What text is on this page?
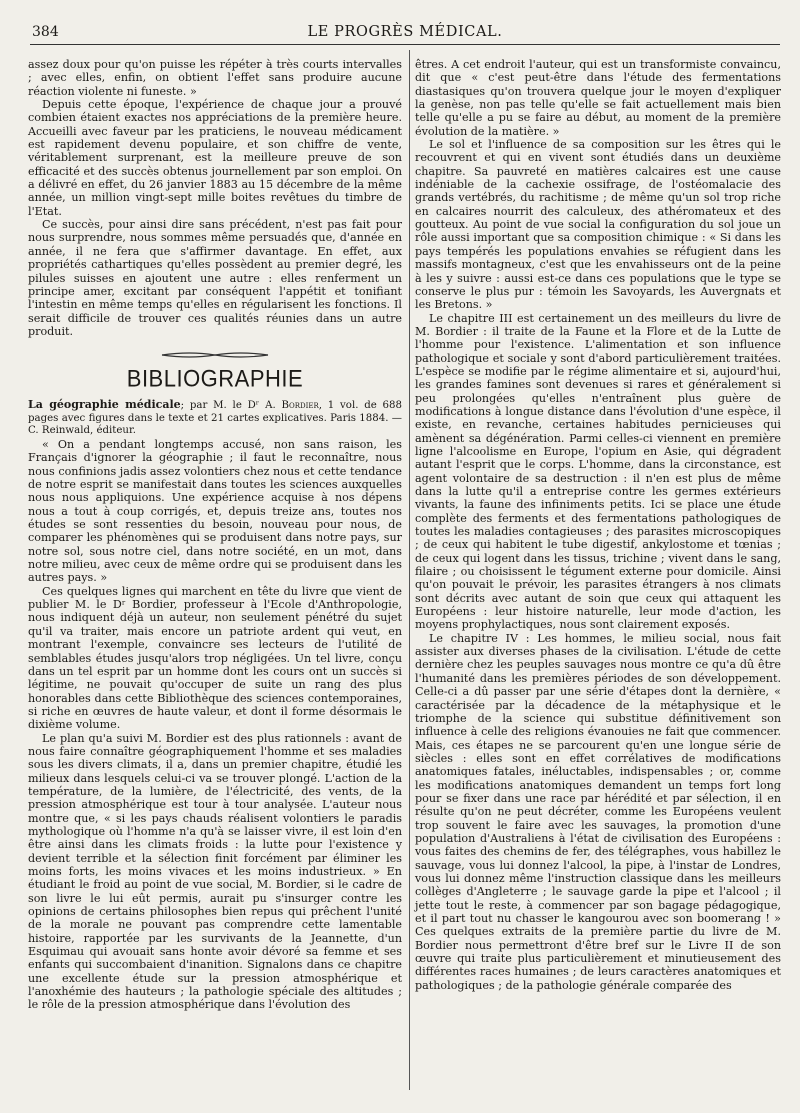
384	LE PROGRÈS MÉDICAL.

assez doux pour qu'on puisse les répéter à très courts intervalles ; avec elles, enfin, on obtient l'effet sans produire aucune réaction violente ni funeste. »

Depuis cette époque, l'expérience de chaque jour a prouvé combien étaient exactes nos appréciations de la première heure. Accueilli avec faveur par les praticiens, le nouveau médicament est rapidement devenu populaire, et son chiffre de vente, véritablement surprenant, est la meilleure preuve de son efficacité et des succès obtenus journellement par son emploi. On a délivré en effet, du 26 janvier 1883 au 15 décembre de la même année, un million vingt-sept mille boites revêtues du timbre de l'Etat.

Ce succès, pour ainsi dire sans précédent, n'est pas fait pour nous surprendre, nous sommes même persuadés que, d'année en année, il ne fera que s'affirmer davantage. En effet, aux propriétés cathartiques qu'elles possèdent au premier degré, les pilules suisses en ajoutent une autre : elles renferment un principe amer, excitant par conséquent l'appétit et tonifiant l'intestin en même temps qu'elles en régularisent les fonctions. Il serait difficile de trouver ces qualités réunies dans un autre produit.

BIBLIOGRAPHIE

La géographie médicale; par M. le Dʳ A. Bordier, 1 vol. de 688 pages avec figures dans le texte et 21 cartes explicatives. Paris 1884. — C. Reinwald, éditeur.

« On a pendant longtemps accusé, non sans raison, les Français d'ignorer la géographie ; il faut le reconnaître, nous nous confinions jadis assez volontiers chez nous et cette tendance de notre esprit se manifestait dans toutes les sciences auxquelles nous nous appliquions. Une expérience acquise à nos dépens nous a tout à coup corrigés, et, depuis treize ans, toutes nos études se sont ressenties du besoin, nouveau pour nous, de comparer les phénomènes qui se produisent dans notre pays, sur notre sol, sous notre ciel, dans notre société, en un mot, dans notre milieu, avec ceux de même ordre qui se produisent dans les autres pays. »

Ces quelques lignes qui marchent en tête du livre que vient de publier M. le Dʳ Bordier, professeur à l'Ecole d'Anthropologie, nous indiquent déjà un auteur, non seulement pénétré du sujet qu'il va traiter, mais encore un patriote ardent qui veut, en montrant l'exemple, convaincre ses lecteurs de l'utilité de semblables études jusqu'alors trop négligées. Un tel livre, conçu dans un tel esprit par un homme dont les cours ont un succès si légitime, ne pouvait qu'occuper de suite un rang des plus honorables dans cette Bibliothèque des sciences contemporaines, si riche en œuvres de haute valeur, et dont il forme désormais le dixième volume.

Le plan qu'a suivi M. Bordier est des plus rationnels : avant de nous faire connaître géographiquement l'homme et ses maladies sous les divers climats, il a, dans un premier chapitre, étudié les milieux dans lesquels celui-ci va se trouver plongé. L'action de la température, de la lumière, de l'électricité, des vents, de la pression atmosphérique est tour à tour analysée. L'auteur nous montre que, « si les pays chauds réalisent volontiers le paradis mythologique où l'homme n'a qu'à se laisser vivre, il est loin d'en être ainsi dans les climats froids : la lutte pour l'existence y devient terrible et la sélection finit forcément par éliminer les moins forts, les moins vivaces et les moins industrieux. » En étudiant le froid au point de vue social, M. Bordier, si le cadre de son livre le lui eût permis, aurait pu s'insurger contre les opinions de certains philosophes bien repus qui prêchent l'unité de la morale ne pouvant pas comprendre cette lamentable histoire, rapportée par les survivants de la Jeannette, d'un Esquimau qui avouait sans honte avoir dévoré sa femme et ses enfants qui succombaient d'inanition. Signalons dans ce chapitre une excellente étude sur la pression atmosphérique et l'anoxhémie des hauteurs ; la pathologie spéciale des altitudes ; le rôle de la pression atmosphérique dans l'évolution des

êtres. A cet endroit l'auteur, qui est un transformiste convaincu, dit que « c'est peut-être dans l'étude des fermentations diastasiques qu'on trouvera quelque jour le moyen d'expliquer la genèse, non pas telle qu'elle se fait actuellement mais bien telle qu'elle a pu se faire au début, au moment de la première évolution de la matière. »

Le sol et l'influence de sa composition sur les êtres qui le recouvrent et qui en vivent sont étudiés dans un deuxième chapitre. Sa pauvreté en matières calcaires est une cause indéniable de la cachexie ossifrage, de l'ostéomalacie des grands vertébrés, du rachitisme ; de même qu'un sol trop riche en calcaires nourrit des calculeux, des athéromateux et des goutteux. Au point de vue social la configuration du sol joue un rôle aussi important que sa composition chimique : « Si dans les pays tempérés les populations envahies se réfugient dans les massifs montagneux, c'est que les envahisseurs ont de la peine à les y suivre : aussi est-ce dans ces populations que le type se conserve le plus pur : témoin les Savoyards, les Auvergnats et les Bretons. »

Le chapitre III est certainement un des meilleurs du livre de M. Bordier : il traite de la Faune et la Flore et de la Lutte de l'homme pour l'existence. L'alimentation et son influence pathologique et sociale y sont d'abord particulièrement traitées. L'espèce se modifie par le régime alimentaire et si, aujourd'hui, les grandes famines sont devenues si rares et généralement si peu prolongées qu'elles n'entraînent plus guère de modifications à longue distance dans l'évolution d'une espèce, il existe, en revanche, certaines habitudes pernicieuses qui amènent sa dégénération. Parmi celles-ci viennent en première ligne l'alcoolisme en Europe, l'opium en Asie, qui dégradent autant l'esprit que le corps. L'homme, dans la circonstance, est agent volontaire de sa destruction : il n'en est plus de même dans la lutte qu'il a entreprise contre les germes extérieurs vivants, la faune des infiniments petits. Ici se place une étude complète des ferments et des fermentations pathologiques de toutes les maladies contagieuses ; des parasites microscopiques ; de ceux qui habitent le tube digestif, ankylostome et tœnias ; de ceux qui logent dans les tissus, trichine ; vivent dans le sang, filaire ; ou choisissent le tégument externe pour domicile. Ainsi qu'on pouvait le prévoir, les parasites étrangers à nos climats sont décrits avec autant de soin que ceux qui attaquent les Européens : leur histoire naturelle, leur mode d'action, les moyens prophylactiques, nous sont clairement exposés.

Le chapitre IV : Les hommes, le milieu social, nous fait assister aux diverses phases de la civilisation. L'étude de cette dernière chez les peuples sauvages nous montre ce qu'a dû être l'humanité dans les premières périodes de son développement. Celle-ci a dû passer par une série d'étapes dont la dernière, « caractérisée par la décadence de la métaphysique et le triomphe de la science qui substitue définitivement son influence à celle des religions évanouies ne fait que commencer. Mais, ces étapes ne se parcourent qu'en une longue série de siècles : elles sont en effet corrélatives de modifications anatomiques fatales, inéluctables, indispensables ; or, comme les modifications anatomiques demandent un temps fort long pour se fixer dans une race par hérédité et par sélection, il en résulte qu'on ne peut décréter, comme les Européens veulent trop souvent le faire avec les sauvages, la promotion d'une population d'Australiens à l'état de civilisation des Européens : vous faites des chemins de fer, des télégraphes, vous habillez le sauvage, vous lui donnez l'alcool, la pipe, à l'instar de Londres, vous lui donnez même l'instruction classique dans les meilleurs collèges d'Angleterre ; le sauvage garde la pipe et l'alcool ; il jette tout le reste, à commencer par son bagage pédagogique, et il part tout nu chasser le kangourou avec son boomerang ! » Ces quelques extraits de la première partie du livre de M. Bordier nous permettront d'être bref sur le Livre II de son œuvre qui traite plus particulièrement et minutieusement des différentes races humaines ; de leurs caractères anatomiques et pathologiques ; de la pathologie générale comparée des
